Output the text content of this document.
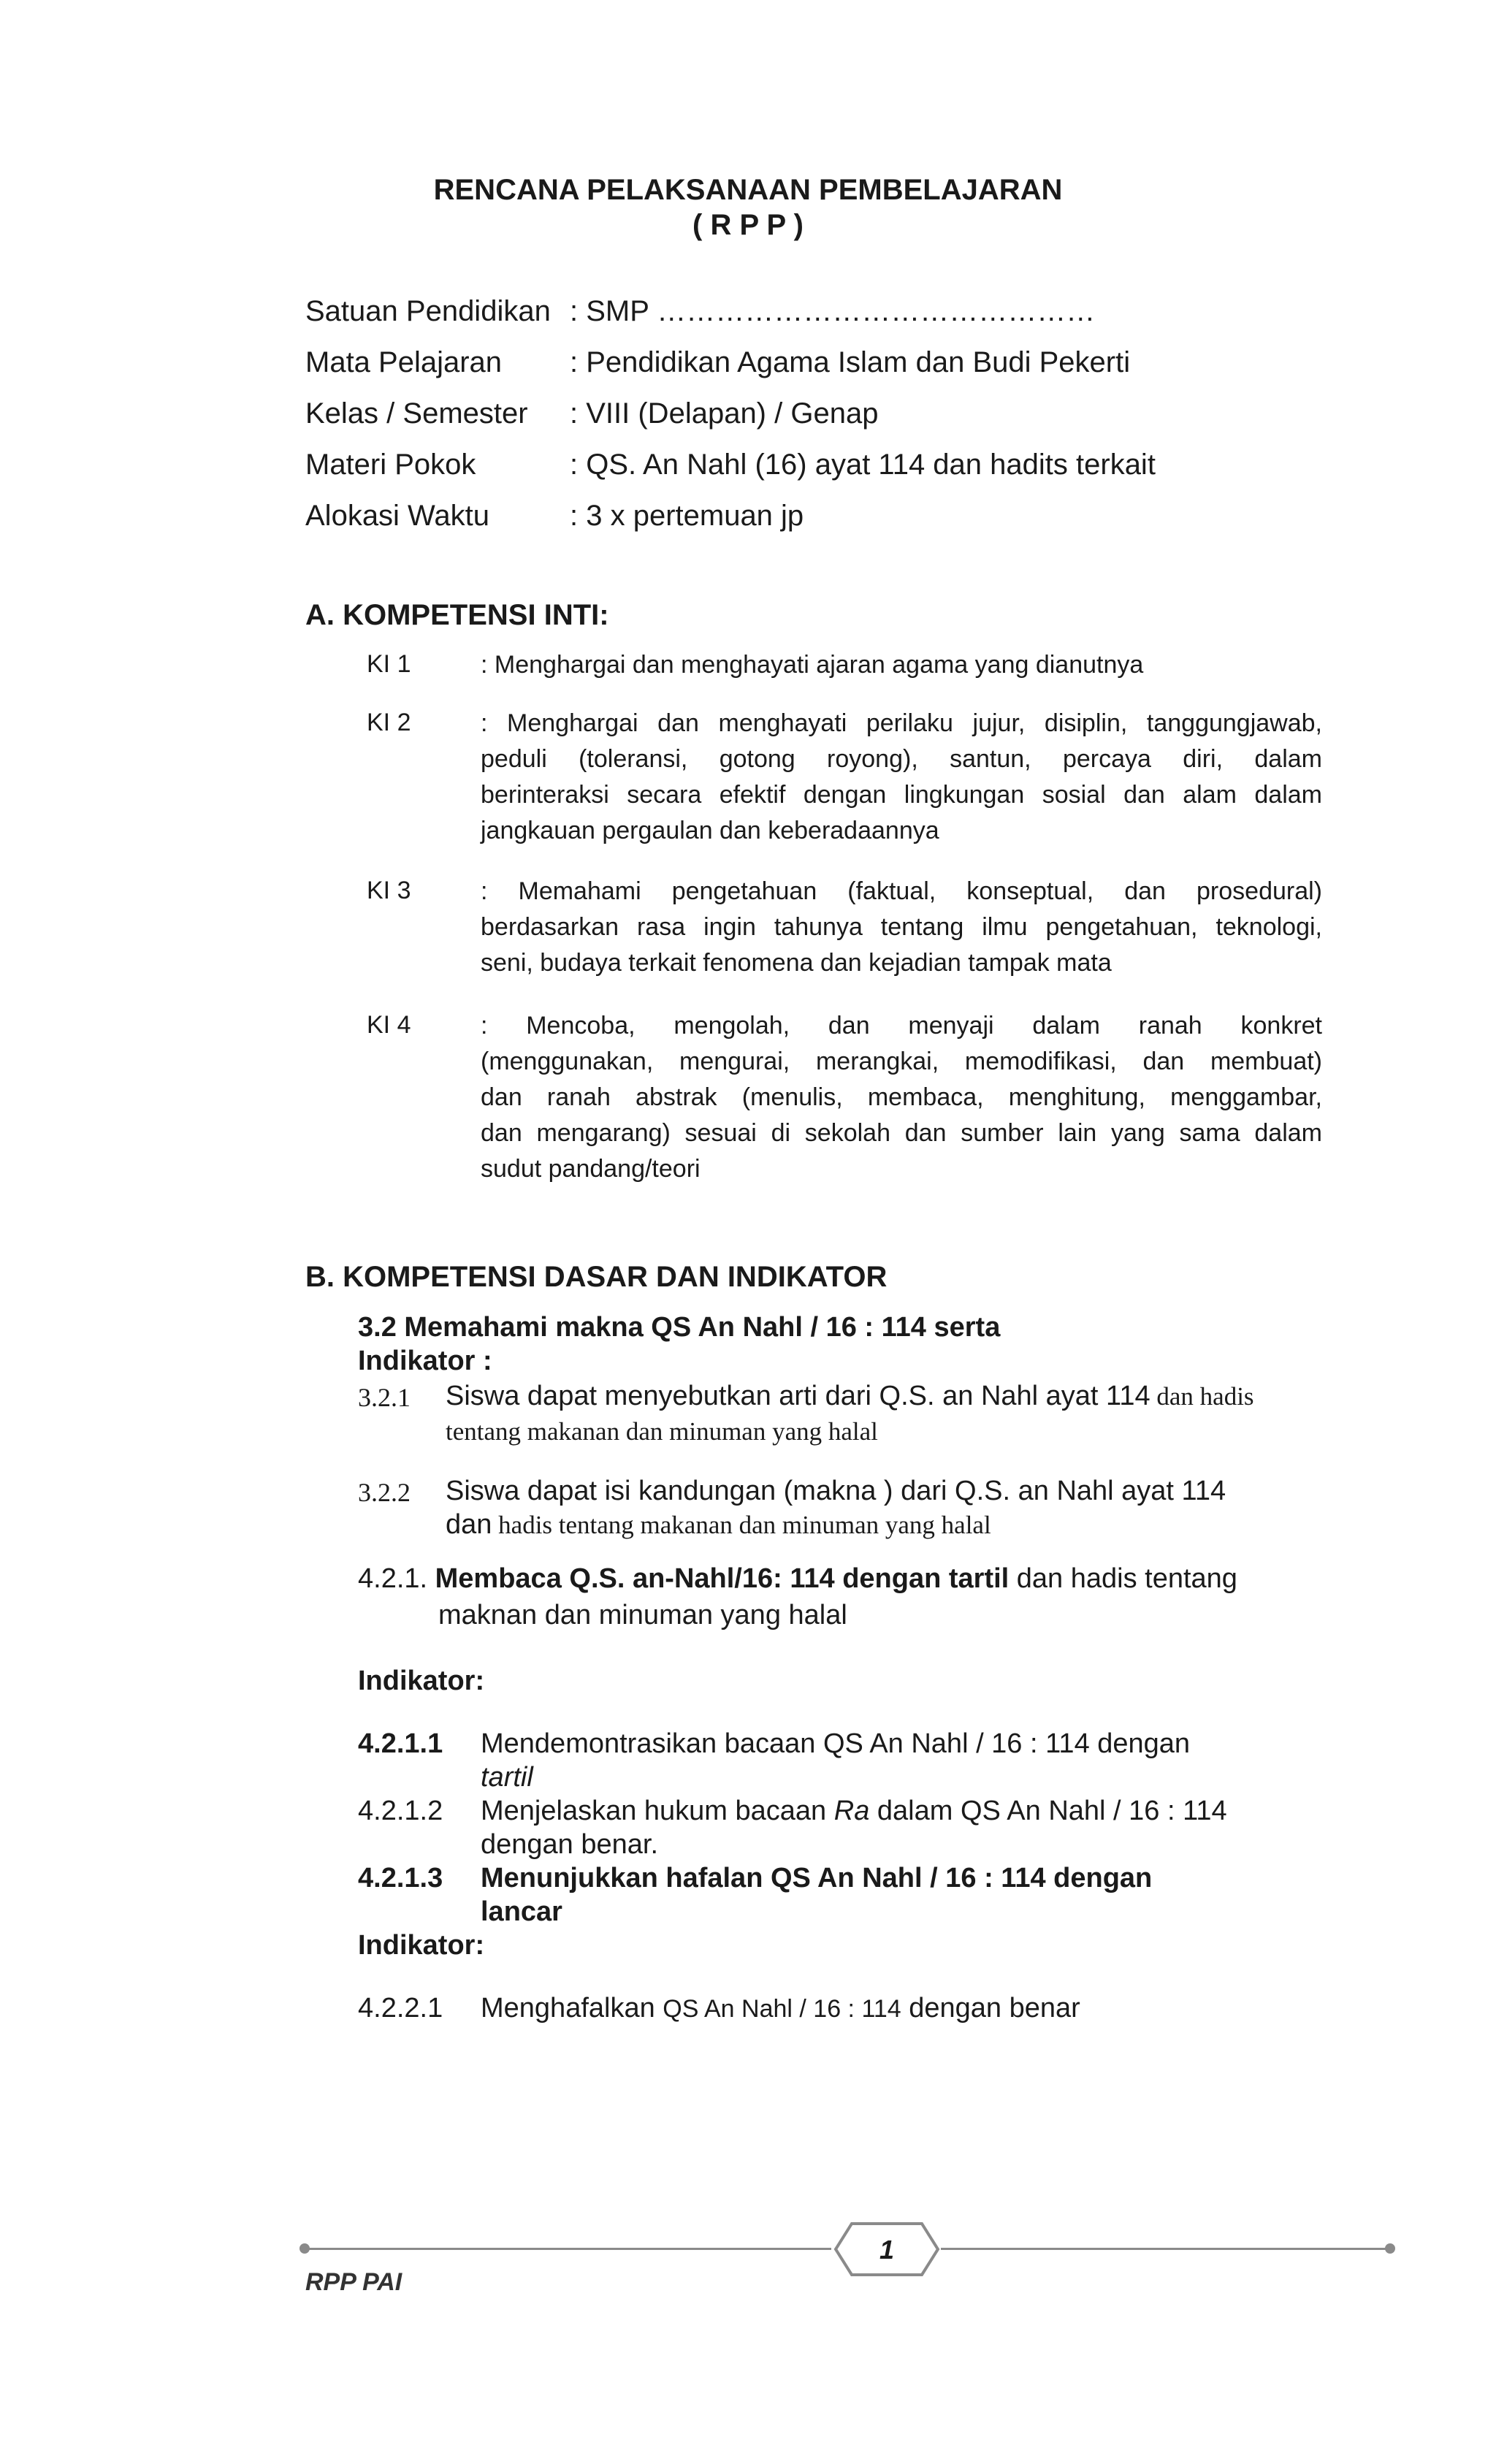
RENCANA PELAKSANAAN PEMBELAJARAN
( R P P )
Satuan Pendidikan : SMP ………………………………………
Mata Pelajaran : Pendidikan Agama Islam dan Budi Pekerti
Kelas / Semester : VIII (Delapan) / Genap
Materi Pokok	: QS. An Nahl (16) ayat 114 dan hadits terkait
Alokasi Waktu	: 3 x pertemuan jp
A. KOMPETENSI INTI:
KI 1	: Menghargai dan menghayati ajaran agama yang dianutnya
KI 2	: Menghargai dan menghayati perilaku jujur, disiplin, tanggungjawab,
peduli (toleransi, gotong royong), santun, percaya diri, dalam
berinteraksi secara efektif dengan lingkungan sosial dan alam dalam
jangkauan pergaulan dan keberadaannya
KI 3	: Memahami pengetahuan (faktual, konseptual, dan prosedural)
berdasarkan rasa ingin tahunya tentang ilmu pengetahuan, teknologi,
seni, budaya terkait fenomena dan kejadian tampak mata
KI 4	: Mencoba, mengolah, dan menyaji dalam ranah konkret
(menggunakan, mengurai, merangkai, memodifikasi, dan membuat)
dan ranah abstrak (menulis, membaca, menghitung, menggambar,
dan mengarang) sesuai di sekolah dan sumber lain yang sama dalam
sudut pandang/teori
B. KOMPETENSI DASAR DAN INDIKATOR
3.2 Memahami makna QS An Nahl / 16 : 114 serta
Indikator :
3.2.1 Siswa dapat menyebutkan arti dari Q.S. an Nahl ayat 114 dan hadis
tentang makanan dan minuman yang halal
3.2.2 Siswa dapat isi kandungan (makna ) dari Q.S. an Nahl ayat 114
dan hadis tentang makanan dan minuman yang halal
4.2.1. Membaca Q.S. an-Nahl/16: 114 dengan tartil dan hadis tentang
maknan dan minuman yang halal
Indikator:
4.2.1.1 Mendemontrasikan bacaan QS An Nahl / 16 : 114 dengan
tartil
4.2.1.2 Menjelaskan hukum bacaan Ra dalam QS An Nahl / 16 : 114
dengan benar.
4.2.1.3 Menunjukkan hafalan QS An Nahl / 16 : 114 dengan
lancar
Indikator:
4.2.2.1 Menghafalkan QS An Nahl / 16 : 114 dengan benar
1
RPP PAI
